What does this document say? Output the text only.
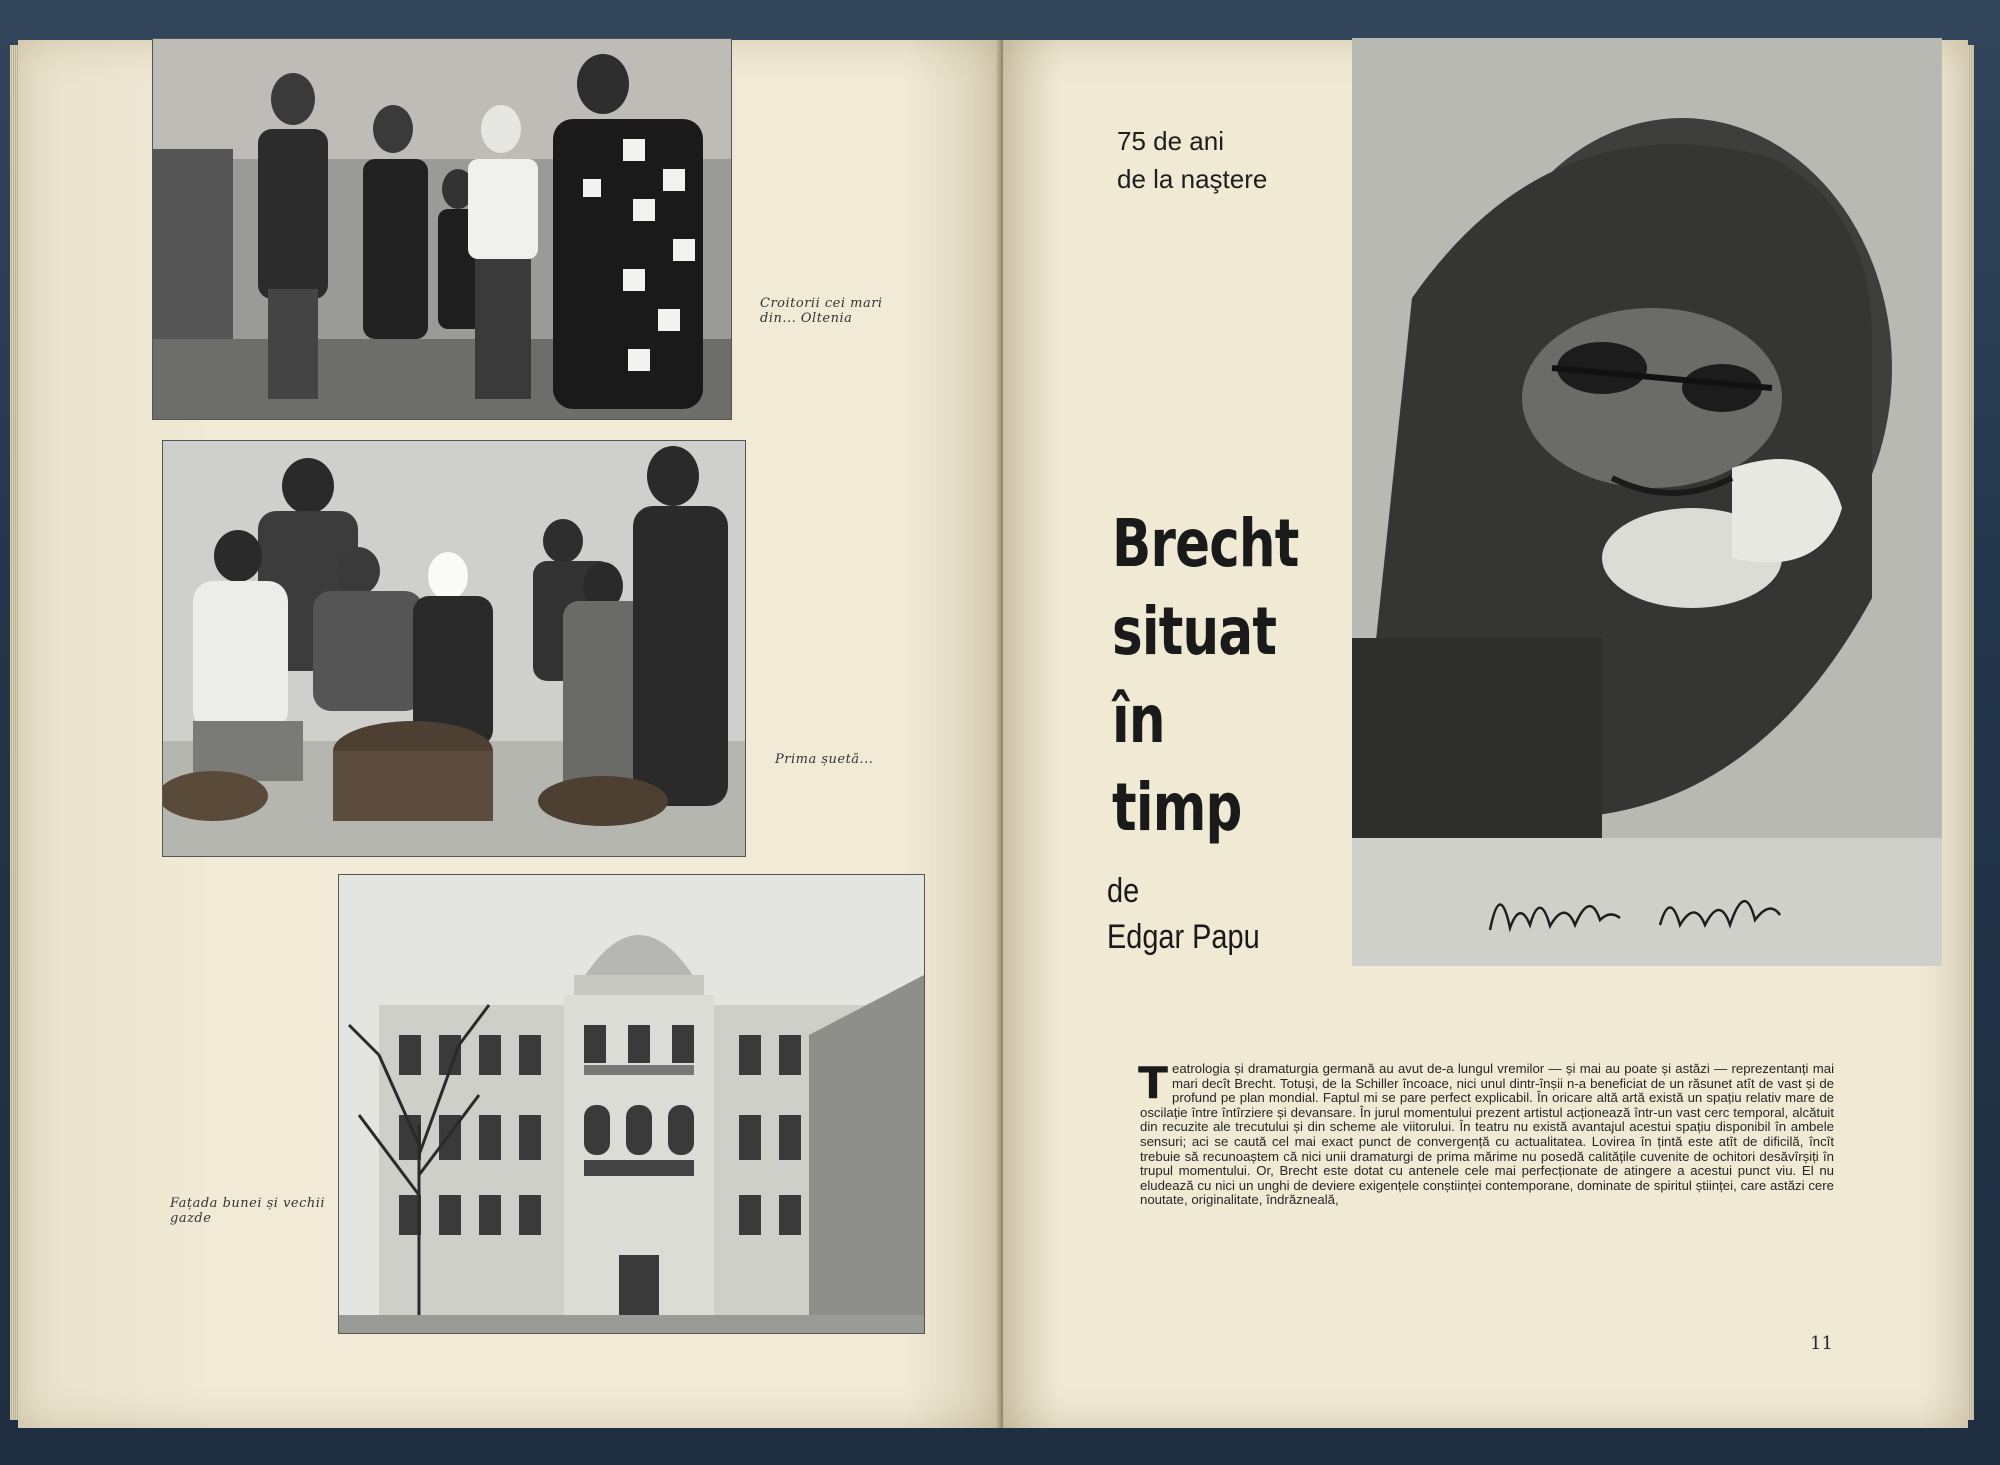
Croitorii cei mari din... Oltenia
Prima șuetă...
Fațada bunei și vechii gazde
75 de ani
de la naştere
Brecht
situat
în timp
de
Edgar Papu
Teatrologia și dramaturgia germană au avut de-a lungul vremilor — și mai au poate și astăzi — reprezentanți mai mari decît Brecht. Totuși, de la Schiller încoace, nici unul dintr-înșii n-a beneficiat de un răsunet atît de vast și de profund pe plan mondial. Faptul mi se pare perfect explicabil. În oricare altă artă există un spațiu relativ mare de oscilație între întîrziere și devansare. În jurul momentului prezent artistul acționează într-un vast cerc temporal, alcătuit din recuzite ale trecutului și din scheme ale viitorului. În teatru nu există avantajul acestui spațiu disponibil în ambele sensuri; aci se caută cel mai exact punct de convergență cu actualitatea. Lovirea în țintă este atît de dificilă, încît trebuie să recunoaștem că nici unii dramaturgi de prima mărime nu posedă calitățile cuvenite de ochitori desăvîrșiți în trupul momentului. Or, Brecht este dotat cu antenele cele mai perfecționate de atingere a acestui punct viu. El nu eludează cu nici un unghi de deviere exigențele conștiinței contemporane, dominate de spiritul științei, care astăzi cere noutate, originalitate, îndrăzneală,
11
